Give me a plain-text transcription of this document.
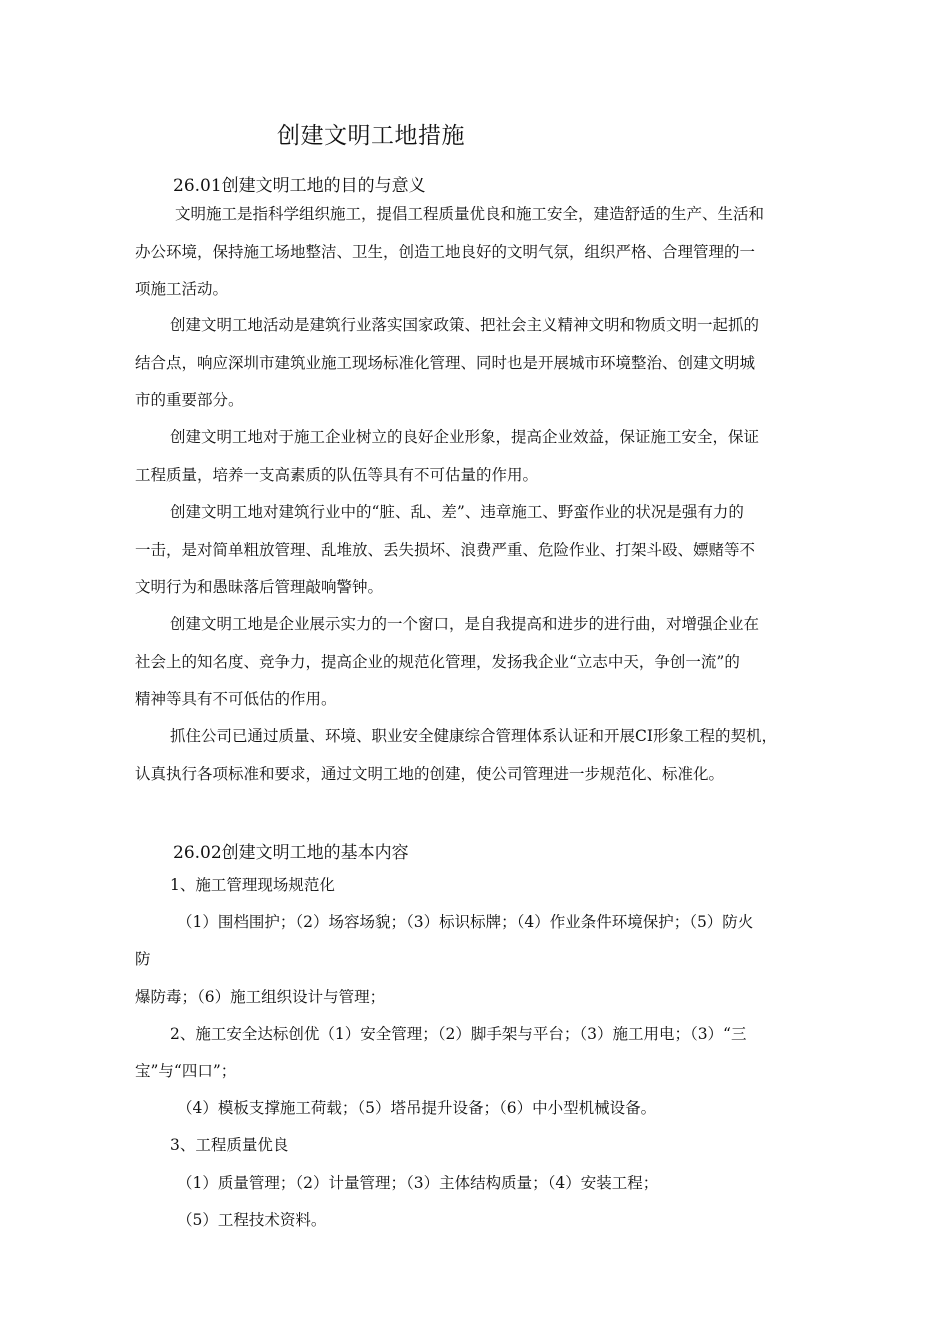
创建文明工地措施
26.01创建文明工地的目的与意义
文明施工是指科学组织施工，提倡工程质量优良和施工安全，建造舒适的生产、生活和
办公环境，保持施工场地整洁、卫生，创造工地良好的文明气氛，组织严格、合理管理的一
项施工活动。
创建文明工地活动是建筑行业落实国家政策、把社会主义精神文明和物质文明一起抓的
结合点，响应深圳市建筑业施工现场标准化管理、同时也是开展城市环境整治、创建文明城
市的重要部分。
创建文明工地对于施工企业树立的良好企业形象，提高企业效益，保证施工安全，保证
工程质量，培养一支高素质的队伍等具有不可估量的作用。
创建文明工地对建筑行业中的“脏、乱、差”、违章施工、野蛮作业的状况是强有力的
一击，是对简单粗放管理、乱堆放、丢失损坏、浪费严重、危险作业、打架斗殴、嫖赌等不
文明行为和愚昧落后管理敲响警钟。
创建文明工地是企业展示实力的一个窗口，是自我提高和进步的进行曲，对增强企业在
社会上的知名度、竞争力，提高企业的规范化管理，发扬我企业“立志中天，争创一流”的
精神等具有不可低估的作用。
抓住公司已通过质量、环境、职业安全健康综合管理体系认证和开展CI形象工程的契机，
认真执行各项标准和要求，通过文明工地的创建，使公司管理进一步规范化、标准化。
26.02创建文明工地的基本内容
1、施工管理现场规范化
（1）围档围护；（2）场容场貌；（3）标识标牌；（4）作业条件环境保护；（5）防火
防
爆防毒；（6）施工组织设计与管理；
2、施工安全达标创优（1）安全管理；（2）脚手架与平台；（3）施工用电；（3）“三
宝”与“四口”；
（4）模板支撑施工荷载；（5）塔吊提升设备；（6）中小型机械设备。
3、工程质量优良
（1）质量管理；（2）计量管理；（3）主体结构质量；（4）安装工程；
（5）工程技术资料。
